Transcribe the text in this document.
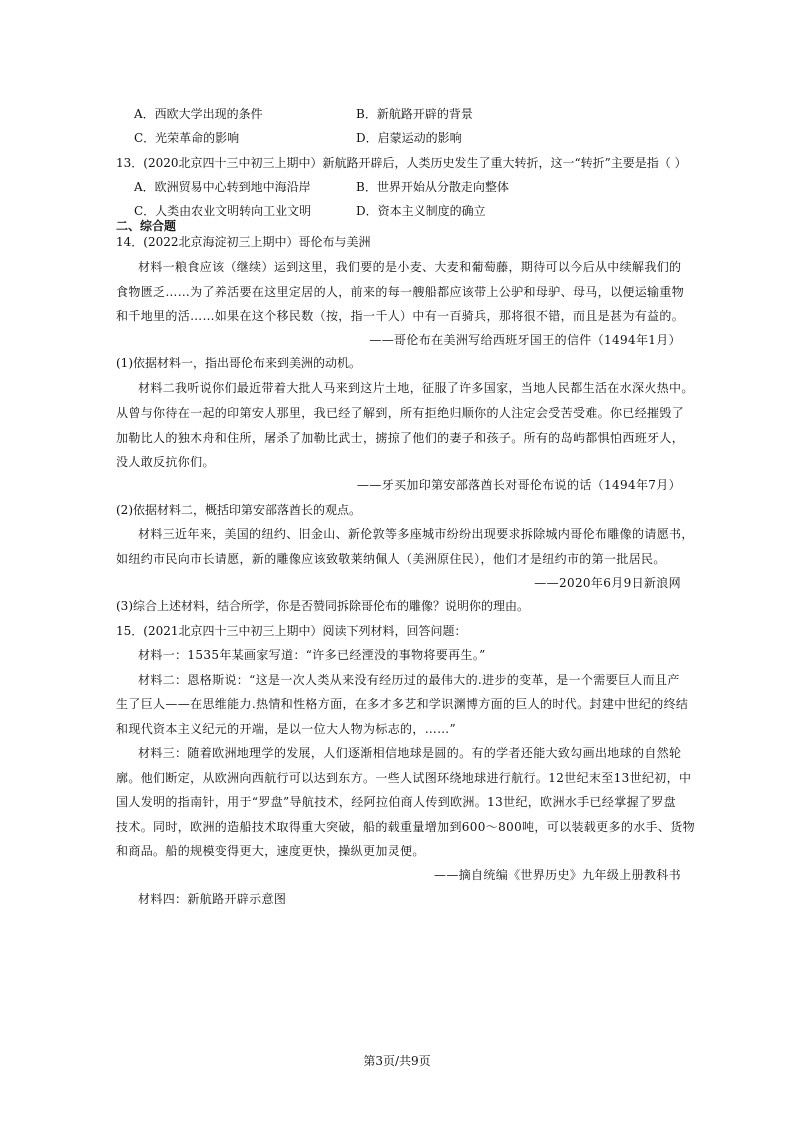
A．西欧大学出现的条件	B．新航路开辟的背景
C．光荣革命的影响	D．启蒙运动的影响
13．(2020北京四十三中初三上期中）新航路开辟后，人类历史发生了重大转折，这一“转折”主要是指（ ）
A．欧洲贸易中心转到地中海沿岸	B．世界开始从分散走向整体
C．人类由农业文明转向工业文明	D．资本主义制度的确立
二、综合题
14．(2022北京海淀初三上期中）哥伦布与美洲
材料一粮食应该（继续）运到这里，我们要的是小麦、大麦和葡萄藤，期待可以今后从中续解我们的
食物匮乏……为了养活要在这里定居的人，前来的每一艘船都应该带上公驴和母驴、母马，以便运输重物
和千地里的活……如果在这个移民数（按，指一千人）中有一百骑兵，那将很不错，而且是甚为有益的。
——哥伦布在美洲写给西班牙国王的信件（1494年1月）
(1)依据材料一，指出哥伦布来到美洲的动机。
材料二我听说你们最近带着大批人马来到这片土地，征服了许多国家，当地人民都生活在水深火热中。
从曾与你待在一起的印第安人那里，我已经了解到，所有拒绝归顺你的人注定会受苦受难。你已经摧毁了
加勒比人的独木舟和住所，屠杀了加勒比武士，掳掠了他们的妻子和孩子。所有的岛屿都惧怕西班牙人，
没人敢反抗你们。
——牙买加印第安部落酋长对哥伦布说的话（1494年7月）
(2)依据材料二，概括印第安部落酋长的观点。
材料三近年来，美国的纽约、旧金山、新伦敦等多座城市纷纷出现要求拆除城内哥伦布雕像的请愿书，
如纽约市民向市长请愿，新的雕像应该致敬莱纳佩人（美洲原住民），他们才是纽约市的第一批居民。
——2020年6月9日新浪网
(3)综合上述材料，结合所学，你是否赞同拆除哥伦布的雕像？说明你的理由。
15．(2021北京四十三中初三上期中）阅读下列材料，回答问题：
材料一：1535年某画家写道：“许多已经湮没的事物将要再生。”
材料二：恩格斯说：“这是一次人类从来没有经历过的最伟大的.进步的变革，是一个需要巨人而且产
生了巨人——在思维能力.热情和性格方面，在多才多艺和学识渊博方面的巨人的时代。封建中世纪的终结
和现代资本主义纪元的开端，是以一位大人物为标志的，……”
材料三：随着欧洲地理学的发展，人们逐渐相信地球是圆的。有的学者还能大致勾画出地球的自然轮
廓。他们断定，从欧洲向西航行可以达到东方。一些人试图环绕地球进行航行。12世纪末至13世纪初，中
国人发明的指南针，用于“罗盘”导航技术，经阿拉伯商人传到欧洲。13世纪，欧洲水手已经掌握了罗盘
技术。同时，欧洲的造船技术取得重大突破，船的载重量增加到600～800吨，可以装载更多的水手、货物
和商品。船的规模变得更大，速度更快，操纵更加灵便。
——摘自统编《世界历史》九年级上册教科书
材料四：新航路开辟示意图
第3页/共9页
